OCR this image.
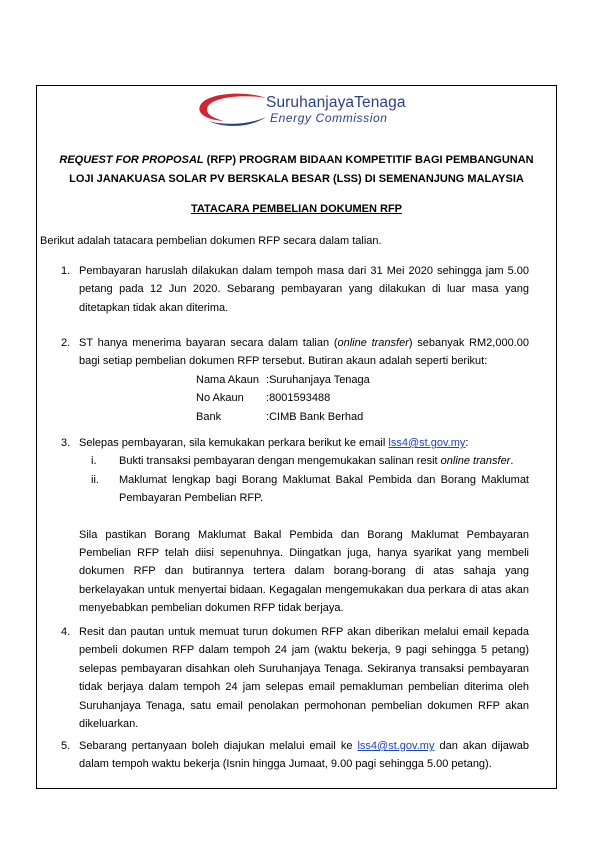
SuruhanjayaTenaga
Energy Commission
REQUEST FOR PROPOSAL (RFP) PROGRAM BIDAAN KOMPETITIF BAGI PEMBANGUNAN
LOJI JANAKUASA SOLAR PV BERSKALA BESAR (LSS) DI SEMENANJUNG MALAYSIA
TATACARA PEMBELIAN DOKUMEN RFP
Berikut adalah tatacara pembelian dokumen RFP secara dalam talian.
1. Pembayaran haruslah dilakukan dalam tempoh masa dari 31 Mei 2020 sehingga jam 5.00 petang pada 12 Jun 2020. Sebarang pembayaran yang dilakukan di luar masa yang ditetapkan tidak akan diterima.
2. ST hanya menerima bayaran secara dalam talian (online transfer) sebanyak RM2,000.00 bagi setiap pembelian dokumen RFP tersebut. Butiran akaun adalah seperti berikut:
Nama Akaun : Suruhanjaya Tenaga
No Akaun	: 8001593488
Bank	: CIMB Bank Berhad
3. Selepas pembayaran, sila kemukakan perkara berikut ke email lss4@st.gov.my:
i. Bukti transaksi pembayaran dengan mengemukakan salinan resit online transfer.
ii. Maklumat lengkap bagi Borang Maklumat Bakal Pembida dan Borang Maklumat Pembayaran Pembelian RFP.
Sila pastikan Borang Maklumat Bakal Pembida dan Borang Maklumat Pembayaran Pembelian RFP telah diisi sepenuhnya. Diingatkan juga, hanya syarikat yang membeli dokumen RFP dan butirannya tertera dalam borang-borang di atas sahaja yang berkelayakan untuk menyertai bidaan. Kegagalan mengemukakan dua perkara di atas akan menyebabkan pembelian dokumen RFP tidak berjaya.
4. Resit dan pautan untuk memuat turun dokumen RFP akan diberikan melalui email kepada pembeli dokumen RFP dalam tempoh 24 jam (waktu bekerja, 9 pagi sehingga 5 petang) selepas pembayaran disahkan oleh Suruhanjaya Tenaga. Sekiranya transaksi pembayaran tidak berjaya dalam tempoh 24 jam selepas email pemakluman pembelian diterima oleh Suruhanjaya Tenaga, satu email penolakan permohonan pembelian dokumen RFP akan dikeluarkan.
5. Sebarang pertanyaan boleh diajukan melalui email ke lss4@st.gov.my dan akan dijawab dalam tempoh waktu bekerja (Isnin hingga Jumaat, 9.00 pagi sehingga 5.00 petang).
